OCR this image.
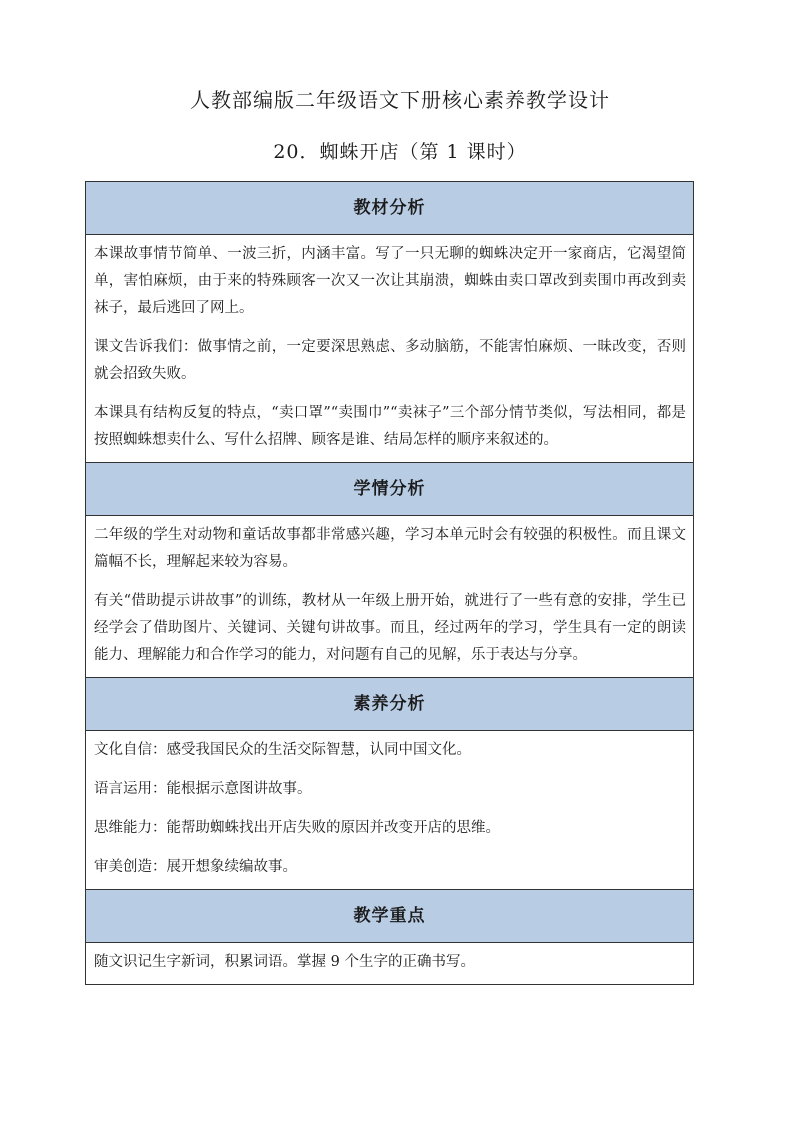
人教部编版二年级语文下册核心素养教学设计
20．蜘蛛开店（第 1 课时）
教材分析

本课故事情节简单、一波三折，内涵丰富。写了一只无聊的蜘蛛决定开一家商店，它渴望简单，害怕麻烦，由于来的特殊顾客一次又一次让其崩溃，蜘蛛由卖口罩改到卖围巾再改到卖袜子，最后逃回了网上。

课文告诉我们：做事情之前，一定要深思熟虑、多动脑筋，不能害怕麻烦、一昧改变，否则就会招致失败。

本课具有结构反复的特点，“卖口罩”“卖围巾”“卖袜子”三个部分情节类似，写法相同，都是按照蜘蛛想卖什么、写什么招牌、顾客是谁、结局怎样的顺序来叙述的。

学情分析

二年级的学生对动物和童话故事都非常感兴趣，学习本单元时会有较强的积极性。而且课文篇幅不长，理解起来较为容易。

有关“借助提示讲故事”的训练，教材从一年级上册开始，就进行了一些有意的安排，学生已经学会了借助图片、关键词、关键句讲故事。而且，经过两年的学习，学生具有一定的朗读能力、理解能力和合作学习的能力，对问题有自己的见解，乐于表达与分享。

素养分析

文化自信：感受我国民众的生活交际智慧，认同中国文化。

语言运用：能根据示意图讲故事。

思维能力：能帮助蜘蛛找出开店失败的原因并改变开店的思维。

审美创造：展开想象续编故事。

教学重点

随文识记生字新词，积累词语。掌握 9 个生字的正确书写。
